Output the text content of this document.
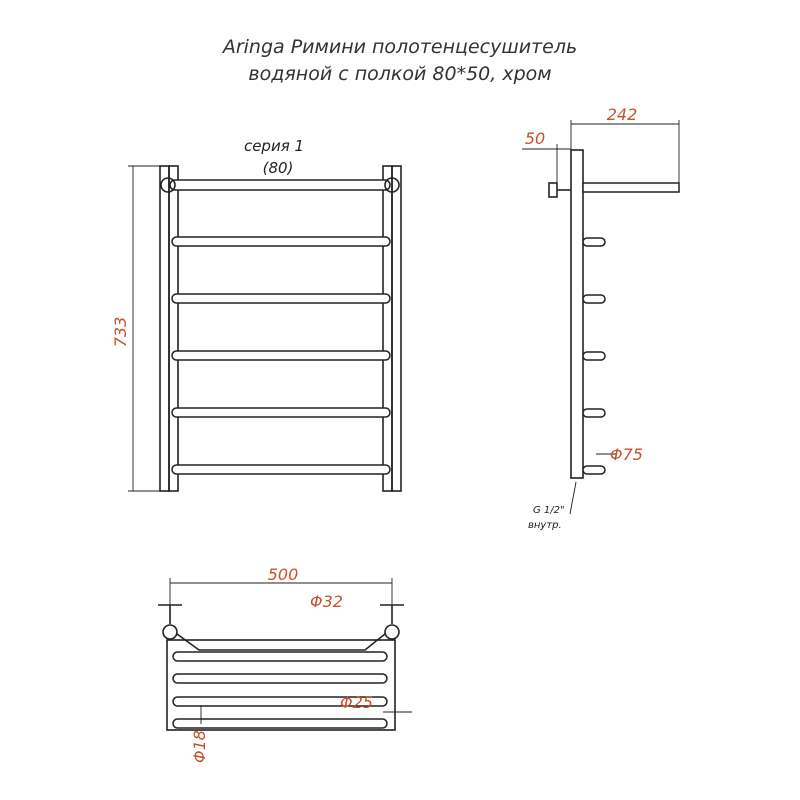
Aringa Римини полотенцесушитель
водяной с полкой 80*50, хром
733
серия 1
(80)
242
50
Φ75
G 1/2"
внутр.
500
Φ32
Φ25
Φ18
